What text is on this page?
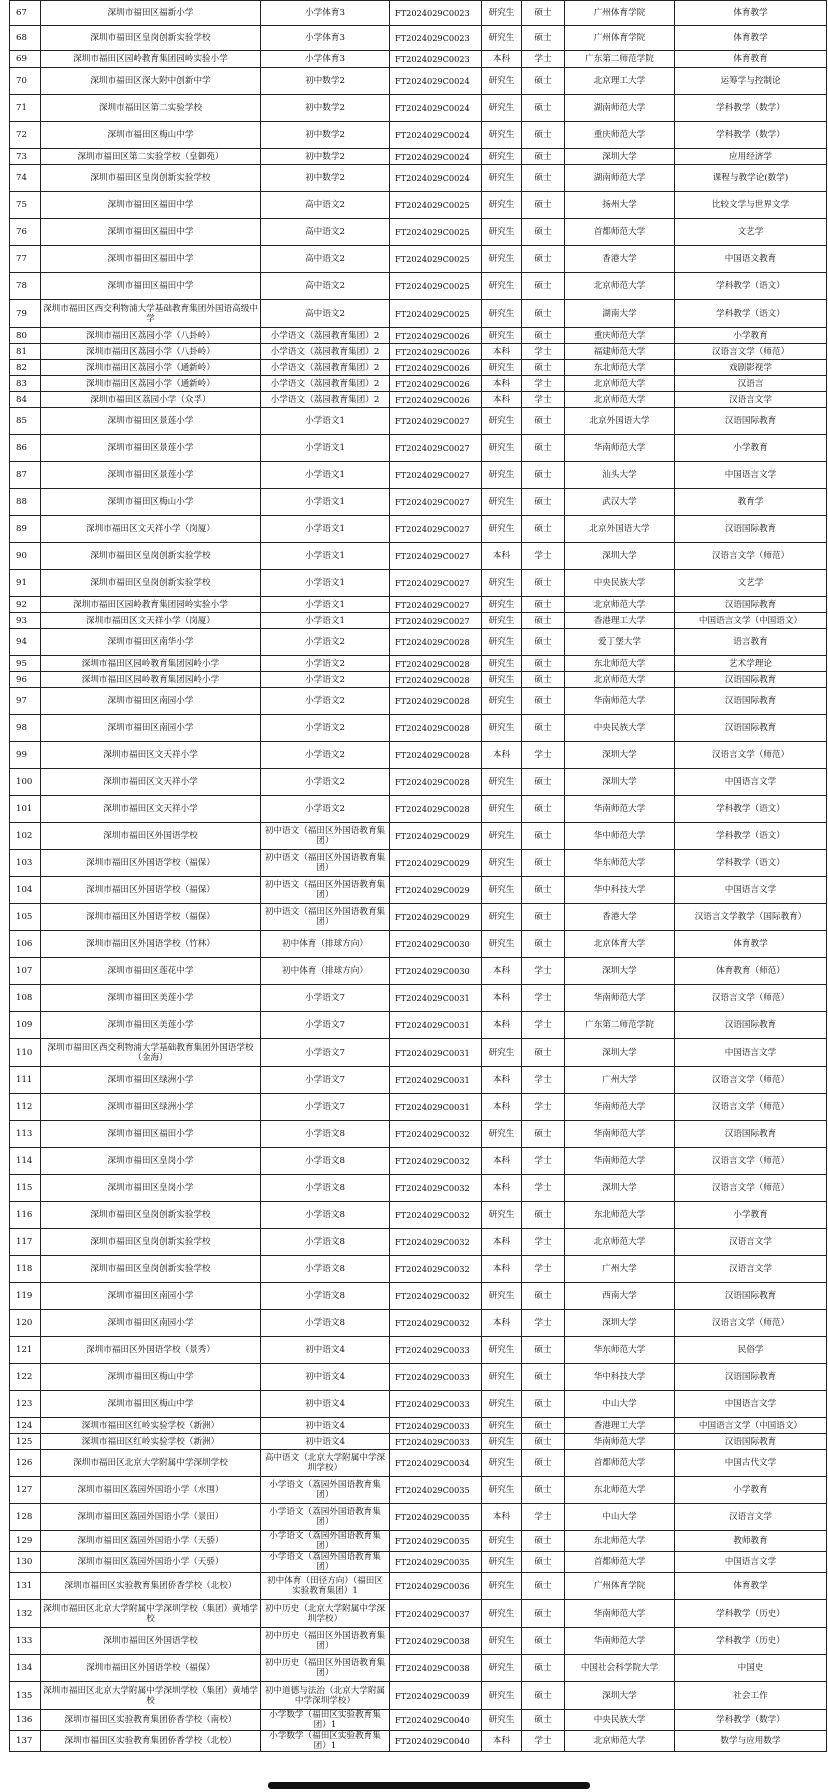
67	深圳市福田区福新小学	小学体育3	FT2024029C0023	研究生	硕士	广州体育学院	体育教学
68	深圳市福田区皇岗创新实验学校	小学体育3	FT2024029C0023	研究生	硕士	广州体育学院	体育教学
69	深圳市福田区园岭教育集团园岭实验小学	小学体育3	FT2024029C0023	本科	学士	广东第二师范学院	体育教育
70	深圳市福田区深大附中创新中学	初中数学2	FT2024029C0024	研究生	硕士	北京理工大学	运筹学与控制论
71	深圳市福田区第二实验学校	初中数学2	FT2024029C0024	研究生	硕士	湖南师范大学	学科教学（数学）
72	深圳市福田区梅山中学	初中数学2	FT2024029C0024	研究生	硕士	重庆师范大学	学科教学（数学）
73	深圳市福田区第二实验学校（皇御苑）	初中数学2	FT2024029C0024	研究生	硕士	深圳大学	应用经济学
74	深圳市福田区皇岗创新实验学校	初中数学2	FT2024029C0024	研究生	硕士	湖南师范大学	课程与教学论(数学)
75	深圳市福田区福田中学	高中语文2	FT2024029C0025	研究生	硕士	扬州大学	比较文学与世界文学
76	深圳市福田区福田中学	高中语文2	FT2024029C0025	研究生	硕士	首都师范大学	文艺学
77	深圳市福田区福田中学	高中语文2	FT2024029C0025	研究生	硕士	香港大学	中国语文教育
78	深圳市福田区福田中学	高中语文2	FT2024029C0025	研究生	硕士	北京师范大学	学科教学（语文）
79	深圳市福田区西交利物浦大学基础教育集团外国语高级中学	高中语文2	FT2024029C0025	研究生	硕士	湖南大学	学科教学（语文）
80	深圳市福田区荔园小学（八卦岭）	小学语文（荔园教育集团）2	FT2024029C0026	研究生	硕士	重庆师范大学	小学教育
81	深圳市福田区荔园小学（八卦岭）	小学语文（荔园教育集团）2	FT2024029C0026	本科	学士	福建师范大学	汉语言文学（师范）
82	深圳市福田区荔园小学（通新岭）	小学语文（荔园教育集团）2	FT2024029C0026	研究生	硕士	东北师范大学	戏剧影视学
83	深圳市福田区荔园小学（通新岭）	小学语文（荔园教育集团）2	FT2024029C0026	本科	学士	北京师范大学	汉语言
84	深圳市福田区荔园小学（众孚）	小学语文（荔园教育集团）2	FT2024029C0026	本科	学士	北京师范大学	汉语言文学
85	深圳市福田区景莲小学	小学语文1	FT2024029C0027	研究生	硕士	北京外国语大学	汉语国际教育
86	深圳市福田区景莲小学	小学语文1	FT2024029C0027	研究生	硕士	华南师范大学	小学教育
87	深圳市福田区景莲小学	小学语文1	FT2024029C0027	研究生	硕士	汕头大学	中国语言文学
88	深圳市福田区梅山小学	小学语文1	FT2024029C0027	研究生	硕士	武汉大学	教育学
89	深圳市福田区文天祥小学（岗厦）	小学语文1	FT2024029C0027	研究生	硕士	北京外国语大学	汉语国际教育
90	深圳市福田区皇岗创新实验学校	小学语文1	FT2024029C0027	本科	学士	深圳大学	汉语言文学（师范）
91	深圳市福田区皇岗创新实验学校	小学语文1	FT2024029C0027	研究生	硕士	中央民族大学	文艺学
92	深圳市福田区园岭教育集团园岭实验小学	小学语文1	FT2024029C0027	研究生	硕士	北京师范大学	汉语国际教育
93	深圳市福田区文天祥小学（岗厦）	小学语文1	FT2024029C0027	研究生	硕士	香港理工大学	中国语言文学（中国语文）
94	深圳市福田区南华小学	小学语文2	FT2024029C0028	研究生	硕士	爱丁堡大学	语言教育
95	深圳市福田区园岭教育集团园岭小学	小学语文2	FT2024029C0028	研究生	硕士	东北师范大学	艺术学理论
96	深圳市福田区园岭教育集团园岭小学	小学语文2	FT2024029C0028	研究生	硕士	北京师范大学	汉语国际教育
97	深圳市福田区南园小学	小学语文2	FT2024029C0028	研究生	硕士	华南师范大学	汉语国际教育
98	深圳市福田区南园小学	小学语文2	FT2024029C0028	研究生	硕士	中央民族大学	汉语国际教育
99	深圳市福田区文天祥小学	小学语文2	FT2024029C0028	本科	学士	深圳大学	汉语言文学（师范）
100	深圳市福田区文天祥小学	小学语文2	FT2024029C0028	研究生	硕士	深圳大学	中国语言文学
101	深圳市福田区文天祥小学	小学语文2	FT2024029C0028	研究生	硕士	华南师范大学	学科教学（语文）
102	深圳市福田区外国语学校	初中语文（福田区外国语教育集团）	FT2024029C0029	研究生	硕士	华中师范大学	学科教学（语文）
103	深圳市福田区外国语学校（福保）	初中语文（福田区外国语教育集团）	FT2024029C0029	研究生	硕士	华东师范大学	学科教学（语文）
104	深圳市福田区外国语学校（福保）	初中语文（福田区外国语教育集团）	FT2024029C0029	研究生	硕士	华中科技大学	中国语言文学
105	深圳市福田区外国语学校（福保）	初中语文（福田区外国语教育集团）	FT2024029C0029	研究生	硕士	香港大学	汉语言文学教学（国际教育）
106	深圳市福田区外国语学校（竹林）	初中体育（排球方向）	FT2024029C0030	研究生	硕士	北京体育大学	体育教学
107	深圳市福田区莲花中学	初中体育（排球方向）	FT2024029C0030	本科	学士	深圳大学	体育教育（师范）
108	深圳市福田区美莲小学	小学语文7	FT2024029C0031	本科	学士	华南师范大学	汉语言文学（师范）
109	深圳市福田区美莲小学	小学语文7	FT2024029C0031	本科	学士	广东第二师范学院	汉语国际教育
110	深圳市福田区西交利物浦大学基础教育集团外国语学校（金海）	小学语文7	FT2024029C0031	研究生	硕士	深圳大学	中国语言文学
111	深圳市福田区绿洲小学	小学语文7	FT2024029C0031	本科	学士	广州大学	汉语言文学（师范）
112	深圳市福田区绿洲小学	小学语文7	FT2024029C0031	本科	学士	华南师范大学	汉语言文学（师范）
113	深圳市福田区福田小学	小学语文8	FT2024029C0032	研究生	硕士	华南师范大学	汉语国际教育
114	深圳市福田区皇岗小学	小学语文8	FT2024029C0032	本科	学士	华南师范大学	汉语言文学（师范）
115	深圳市福田区皇岗小学	小学语文8	FT2024029C0032	本科	学士	深圳大学	汉语言文学（师范）
116	深圳市福田区皇岗创新实验学校	小学语文8	FT2024029C0032	研究生	硕士	东北师范大学	小学教育
117	深圳市福田区皇岗创新实验学校	小学语文8	FT2024029C0032	本科	学士	北京师范大学	汉语言文学
118	深圳市福田区皇岗创新实验学校	小学语文8	FT2024029C0032	本科	学士	广州大学	汉语言文学
119	深圳市福田区南园小学	小学语文8	FT2024029C0032	研究生	硕士	西南大学	汉语国际教育
120	深圳市福田区南园小学	小学语文8	FT2024029C0032	本科	学士	深圳大学	汉语言文学（师范）
121	深圳市福田区外国语学校（景秀）	初中语文4	FT2024029C0033	研究生	硕士	华东师范大学	民俗学
122	深圳市福田区梅山中学	初中语文4	FT2024029C0033	研究生	硕士	华中科技大学	汉语国际教育
123	深圳市福田区梅山中学	初中语文4	FT2024029C0033	研究生	硕士	中山大学	中国语言文学
124	深圳市福田区红岭实验学校（新洲）	初中语文4	FT2024029C0033	研究生	硕士	香港理工大学	中国语言文学（中国语文）
125	深圳市福田区红岭实验学校（新洲）	初中语文4	FT2024029C0033	研究生	硕士	华南师范大学	汉语国际教育
126	深圳市福田区北京大学附属中学深圳学校	高中语文（北京大学附属中学深圳学校）	FT2024029C0034	研究生	硕士	首都师范大学	中国古代文学
127	深圳市福田区荔园外国语小学（水围）	小学语文（荔园外国语教育集团）	FT2024029C0035	研究生	硕士	东北师范大学	小学教育
128	深圳市福田区荔园外国语小学（景田）	小学语文（荔园外国语教育集团）	FT2024029C0035	本科	学士	中山大学	汉语言文学
129	深圳市福田区荔园外国语小学（天骄）	小学语文（荔园外国语教育集团）	FT2024029C0035	研究生	硕士	东北师范大学	教师教育
130	深圳市福田区荔园外国语小学（天骄）	小学语文（荔园外国语教育集团）	FT2024029C0035	研究生	硕士	首都师范大学	中国语言文学
131	深圳市福田区实验教育集团侨香学校（北校）	初中体育（田径方向）（福田区实验教育集团）1	FT2024029C0036	研究生	硕士	广州体育学院	体育教学
132	深圳市福田区北京大学附属中学深圳学校（集团）黄埔学校	初中历史（北京大学附属中学深圳学校）	FT2024029C0037	研究生	硕士	华南师范大学	学科教学（历史）
133	深圳市福田区外国语学校	初中历史（福田区外国语教育集团）	FT2024029C0038	研究生	硕士	华南师范大学	学科教学（历史）
134	深圳市福田区外国语学校（福保）	初中历史（福田区外国语教育集团）	FT2024029C0038	研究生	硕士	中国社会科学院大学	中国史
135	深圳市福田区北京大学附属中学深圳学校（集团）黄埔学校	初中道德与法治（北京大学附属中学深圳学校）	FT2024029C0039	研究生	硕士	深圳大学	社会工作
136	深圳市福田区实验教育集团侨香学校（南校）	小学数学（福田区实验教育集团）1	FT2024029C0040	研究生	硕士	中央民族大学	学科教学（数学）
137	深圳市福田区实验教育集团侨香学校（北校）	小学数学（福田区实验教育集团）1	FT2024029C0040	本科	学士	北京师范大学	数学与应用数学
